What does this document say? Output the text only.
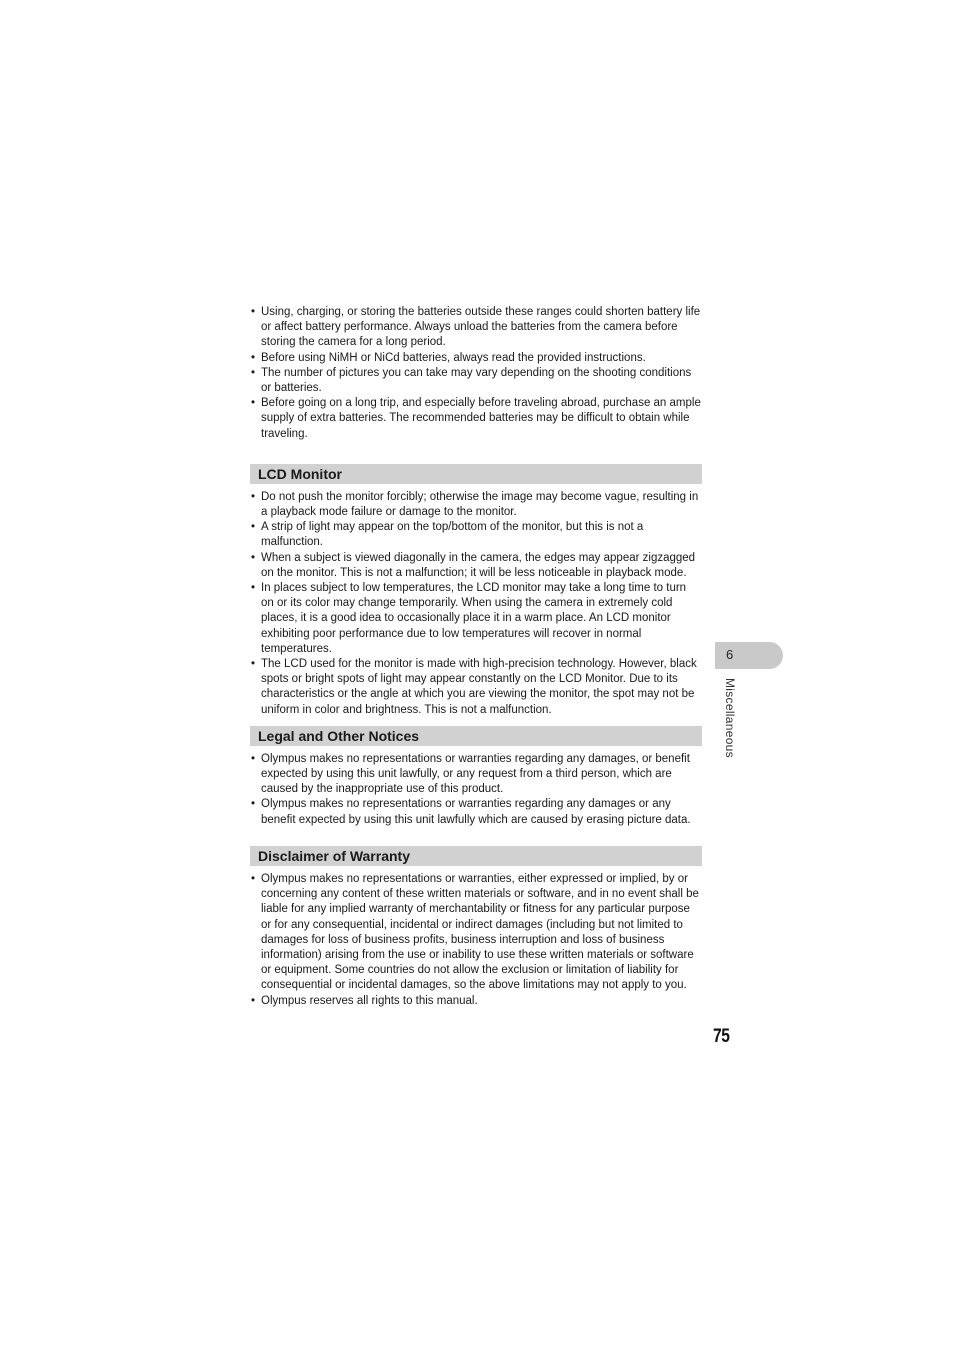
• Using, charging, or storing the batteries outside these ranges could shorten battery life or affect battery performance. Always unload the batteries from the camera before storing the camera for a long period.
• Before using NiMH or NiCd batteries, always read the provided instructions.
• The number of pictures you can take may vary depending on the shooting conditions or batteries.
• Before going on a long trip, and especially before traveling abroad, purchase an ample supply of extra batteries. The recommended batteries may be difficult to obtain while traveling.
LCD Monitor
• Do not push the monitor forcibly; otherwise the image may become vague, resulting in a playback mode failure or damage to the monitor.
• A strip of light may appear on the top/bottom of the monitor, but this is not a malfunction.
• When a subject is viewed diagonally in the camera, the edges may appear zigzagged on the monitor. This is not a malfunction; it will be less noticeable in playback mode.
• In places subject to low temperatures, the LCD monitor may take a long time to turn on or its color may change temporarily. When using the camera in extremely cold places, it is a good idea to occasionally place it in a warm place. An LCD monitor exhibiting poor performance due to low temperatures will recover in normal temperatures.
• The LCD used for the monitor is made with high-precision technology. However, black spots or bright spots of light may appear constantly on the LCD Monitor. Due to its characteristics or the angle at which you are viewing the monitor, the spot may not be uniform in color and brightness. This is not a malfunction.
Legal and Other Notices
• Olympus makes no representations or warranties regarding any damages, or benefit expected by using this unit lawfully, or any request from a third person, which are caused by the inappropriate use of this product.
• Olympus makes no representations or warranties regarding any damages or any benefit expected by using this unit lawfully which are caused by erasing picture data.
Disclaimer of Warranty
• Olympus makes no representations or warranties, either expressed or implied, by or concerning any content of these written materials or software, and in no event shall be liable for any implied warranty of merchantability or fitness for any particular purpose or for any consequential, incidental or indirect damages (including but not limited to damages for loss of business profits, business interruption and loss of business information) arising from the use or inability to use these written materials or software or equipment. Some countries do not allow the exclusion or limitation of liability for consequential or incidental damages, so the above limitations may not apply to you.
• Olympus reserves all rights to this manual.
6
Miscellaneous
75
